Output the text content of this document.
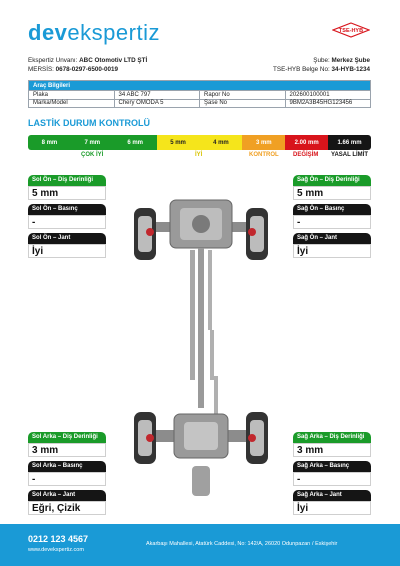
devekspertiz	TSE-HYB
Ekspertiz Unvanı: ABC Otomotiv LTD ŞTİ
MERSİS: 0678-0297-6500-0019
Şube: Merkez Şube
TSE-HYB Belge No: 34-HYB-1234
Araç Bilgileri			
Plaka	34 ABC 797	Rapor No	202600100001
Marka/Model	Chery OMODA 5	Şase No	9BM2A3B45HG123456
LASTİK DURUM KONTROLÜ
8 mm	7 mm	6 mm	5 mm	4 mm	3 mm	2.00 mm	1.66 mm
ÇOK İYİ	İYİ	KONTROL DEĞİŞİM YASAL LİMİT
Sol Ön – Diş Derinliği
5 mm
Sol Ön – Basınç
-
Sol Ön – Jant
İyi
Sağ Ön – Diş Derinliği
5 mm
Sağ Ön – Basınç
-
Sağ Ön – Jant
İyi
Sol Arka – Diş Derinliği
3 mm
Sol Arka – Basınç
-
Sol Arka – Jant
Eğri, Çizik
Sağ Arka – Diş Derinliği
3 mm
Sağ Arka – Basınç
-
Sağ Arka – Jant
İyi
0212 123 4567
www.devekspertiz.com
Akarbaşı Mahallesi, Atatürk Caddesi, No: 142/A, 26020 Odunpazarı / Eskişehir
